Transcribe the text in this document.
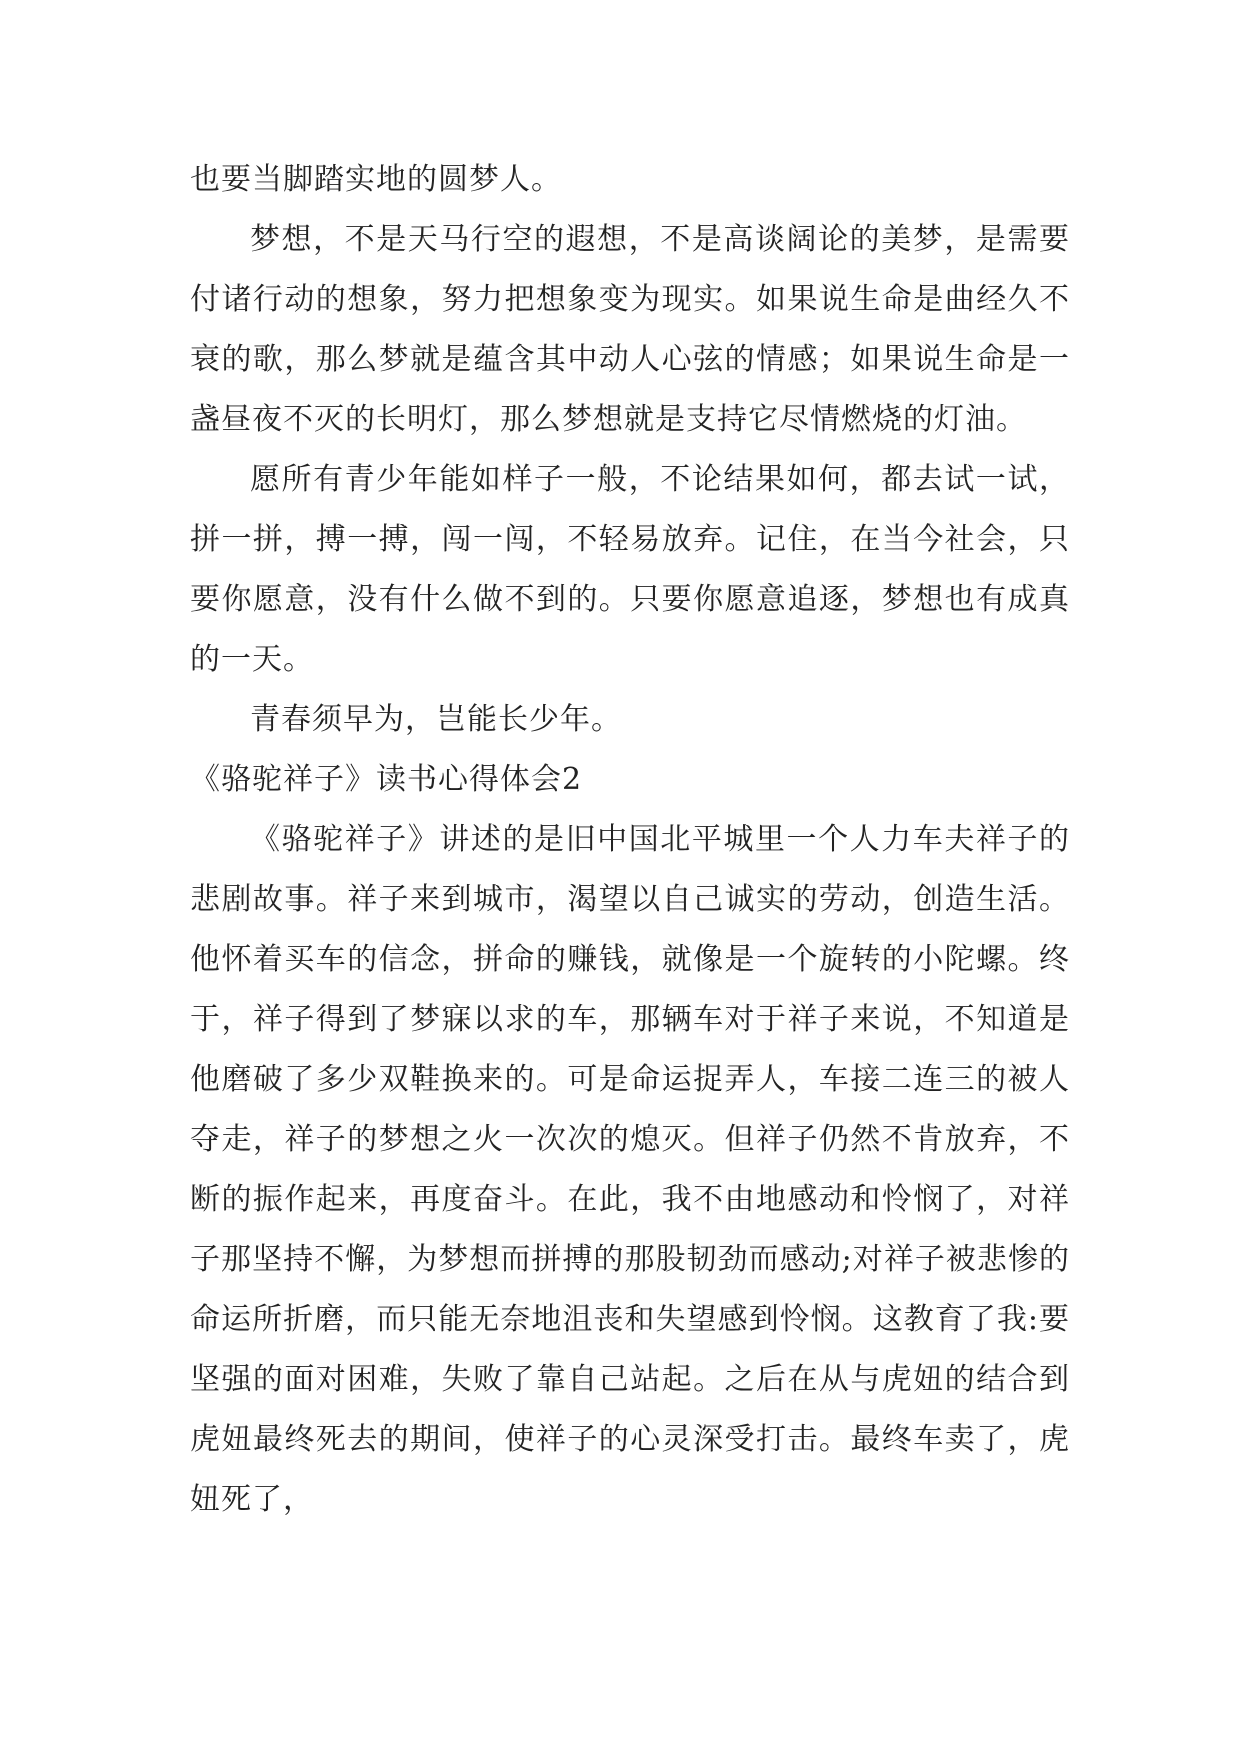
也要当脚踏实地的圆梦人。

梦想，不是天马行空的遐想，不是高谈阔论的美梦，是需要付诸行动的想象，努力把想象变为现实。如果说生命是曲经久不衰的歌，那么梦就是蕴含其中动人心弦的情感；如果说生命是一盏昼夜不灭的长明灯，那么梦想就是支持它尽情燃烧的灯油。

愿所有青少年能如样子一般，不论结果如何，都去试一试，拼一拼，搏一搏，闯一闯，不轻易放弃。记住，在当今社会，只要你愿意，没有什么做不到的。只要你愿意追逐，梦想也有成真的一天。

青春须早为，岂能长少年。

《骆驼祥子》读书心得体会2

《骆驼祥子》讲述的是旧中国北平城里一个人力车夫祥子的悲剧故事。祥子来到城市，渴望以自己诚实的劳动，创造生活。他怀着买车的信念，拼命的赚钱，就像是一个旋转的小陀螺。终于，祥子得到了梦寐以求的车，那辆车对于祥子来说，不知道是他磨破了多少双鞋换来的。可是命运捉弄人，车接二连三的被人夺走，祥子的梦想之火一次次的熄灭。但祥子仍然不肯放弃，不断的振作起来，再度奋斗。在此，我不由地感动和怜悯了，对祥子那坚持不懈，为梦想而拼搏的那股韧劲而感动;对祥子被悲惨的命运所折磨，而只能无奈地沮丧和失望感到怜悯。这教育了我:要坚强的面对困难，失败了靠自己站起。之后在从与虎妞的结合到虎妞最终死去的期间，使祥子的心灵深受打击。最终车卖了，虎妞死了，
